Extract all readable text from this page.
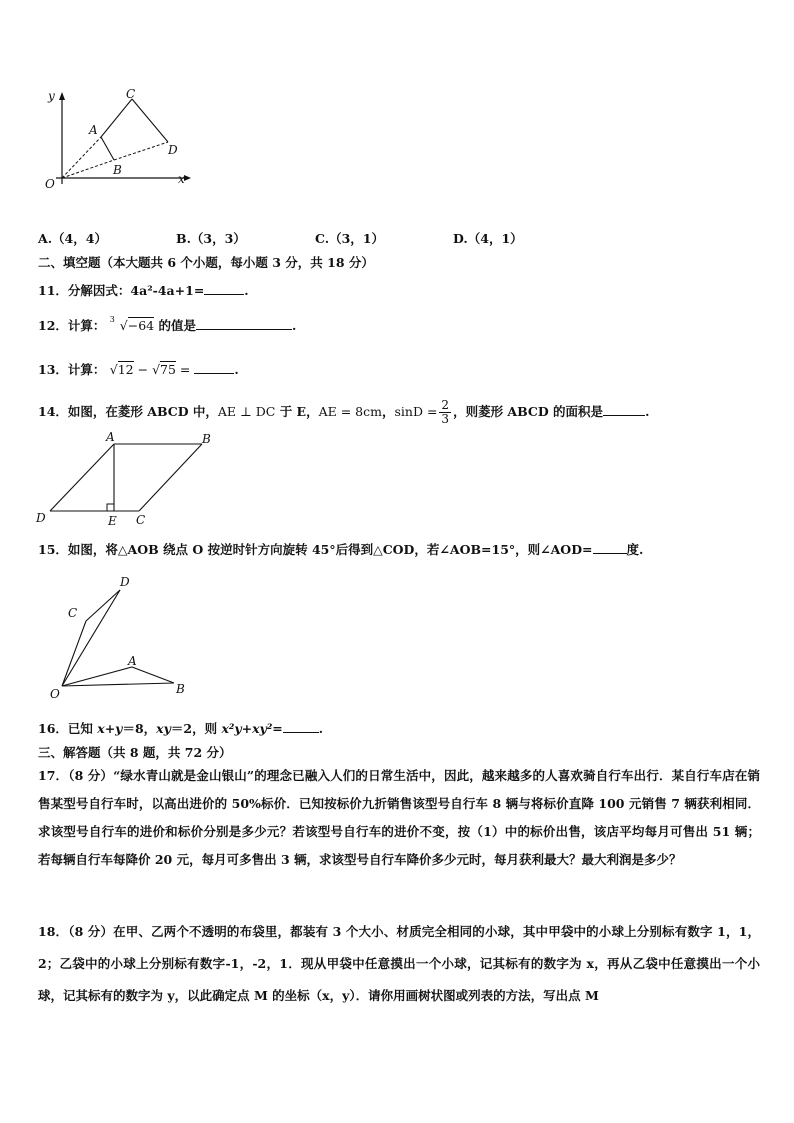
y
x
O
A
B
C
D
A.（4，4）	B.（3，3）	C.（3，1）	D.（4，1）
二、填空题（本大题共 6 个小题，每小题 3 分，共 18 分）
11．分解因式：4a²-4a+1=	.
12．计算： 3 √−64 的值是	.
13．计算： √12 − √75 =	.
14．如图，在菱形 ABCD 中，AE ⊥ DC 于 E，AE = 8cm，$\sin D = \frac{2}{3}$ ，则菱形 ABCD 的面积是	.
A	B
C
D	E
15．如图，将△AOB 绕点 O 按逆时针方向旋转 45°后得到△COD，若∠AOB=15°，则∠AOD=	度.
D
C
A
B
O
16．已知 x+y＝8，xy＝2，则 x²y+xy²=	.
三、解答题（共 8 题，共 72 分）
17．（8 分）“绿水青山就是金山银山”的理念已融入人们的日常生活中，因此，越来越多的人喜欢骑自行车出行．某自行车店在销售某型号自行车时，以高出进价的 50%标价．已知按标价九折销售该型号自行车 8 辆与将标价直降 100 元销售 7 辆获利相同．求该型号自行车的进价和标价分别是多少元？若该型号自行车的进价不变，按（1）中的标价出售，该店平均每月可售出 51 辆；若每辆自行车每降价 20 元，每月可多售出 3 辆，求该型号自行车降价多少元时，每月获利最大？最大利润是多少？
18．（8 分）在甲、乙两个不透明的布袋里，都装有 3 个大小、材质完全相同的小球，其中甲袋中的小球上分别标有数字 1，1，2；乙袋中的小球上分别标有数字-1，-2，1．现从甲袋中任意摸出一个小球，记其标有的数字为 x，再从乙袋中任意摸出一个小球，记其标有的数字为 y，以此确定点 M 的坐标（x，y）．请你用画树状图或列表的方法，写出点 M
